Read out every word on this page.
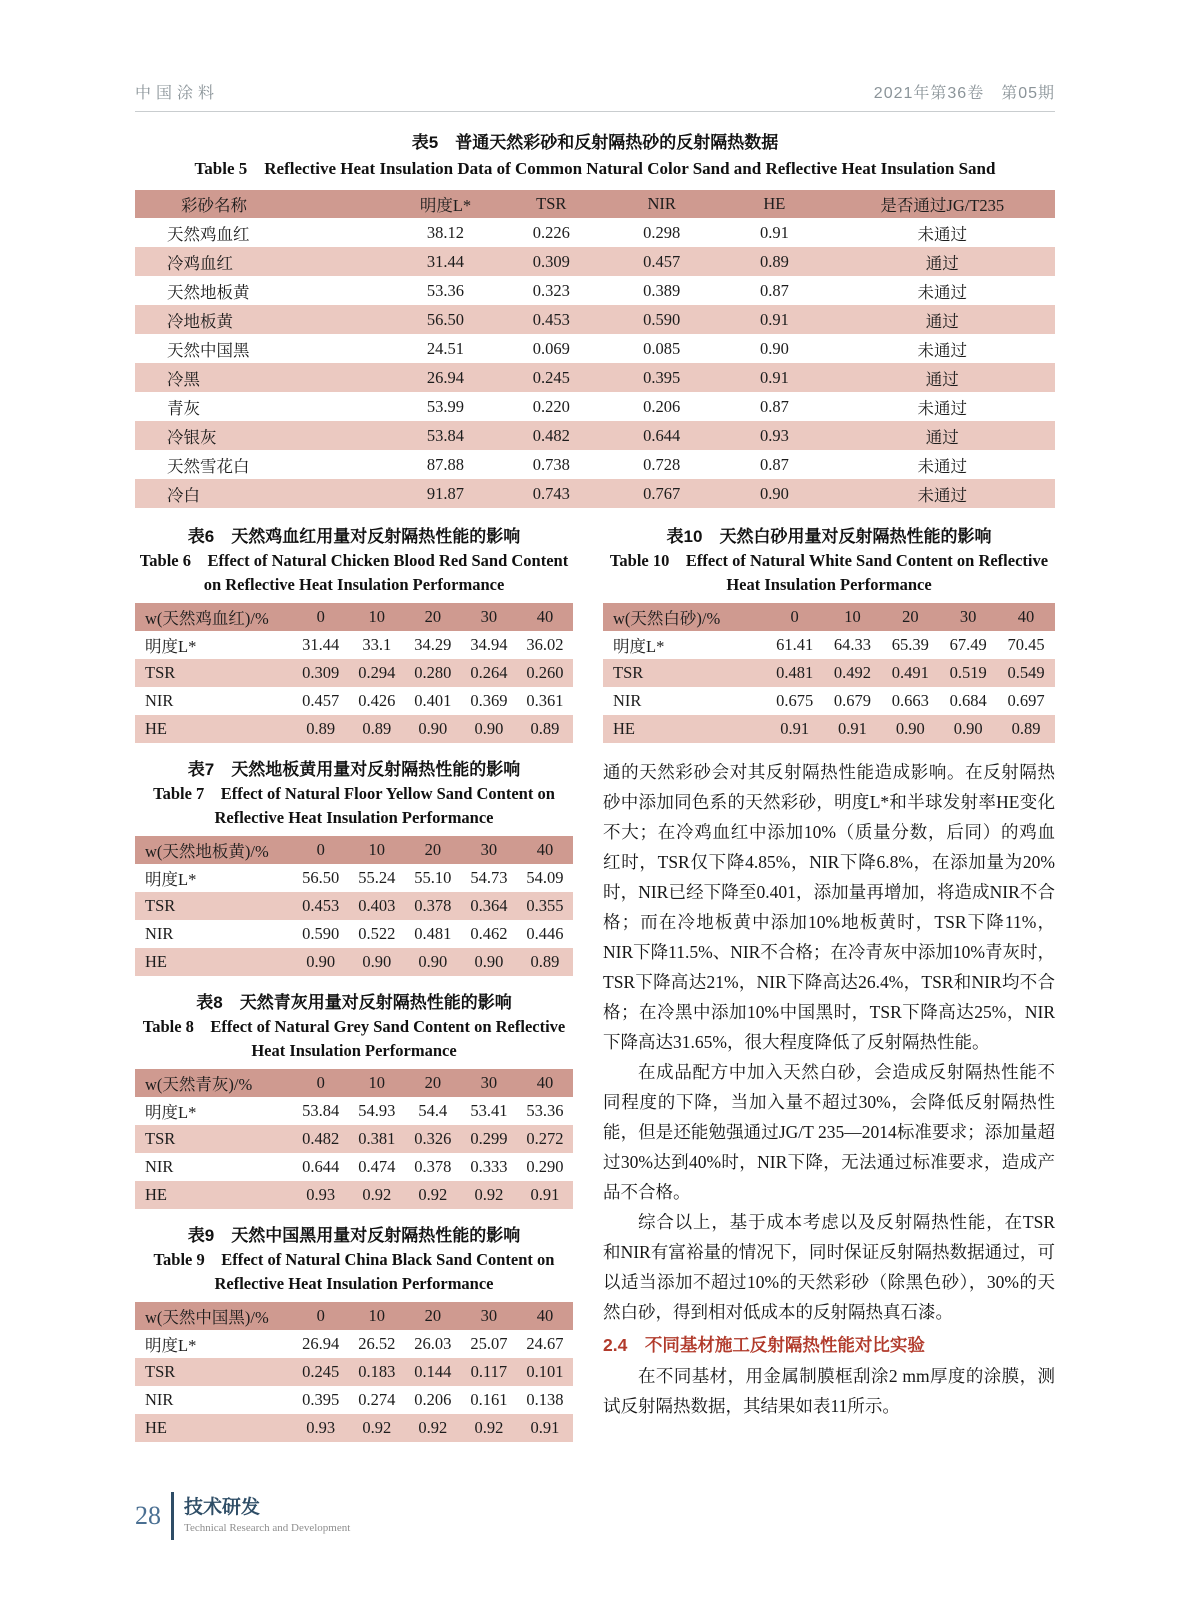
中国涂料	2021年第36卷　第05期
表5　普通天然彩砂和反射隔热砂的反射隔热数据
Table 5　Reflective Heat Insulation Data of Common Natural Color Sand and Reflective Heat Insulation Sand
彩砂名称	明度L*	TSR	NIR	HE	是否通过JG/T235
天然鸡血红	38.12	0.226	0.298	0.91	未通过
冷鸡血红	31.44	0.309	0.457	0.89	通过
天然地板黄	53.36	0.323	0.389	0.87	未通过
冷地板黄	56.50	0.453	0.590	0.91	通过
天然中国黑	24.51	0.069	0.085	0.90	未通过
冷黑	26.94	0.245	0.395	0.91	通过
青灰	53.99	0.220	0.206	0.87	未通过
冷银灰	53.84	0.482	0.644	0.93	通过
天然雪花白	87.88	0.738	0.728	0.87	未通过
冷白	91.87	0.743	0.767	0.90	未通过
表6　天然鸡血红用量对反射隔热性能的影响
Table 6　Effect of Natural Chicken Blood Red Sand Content on Reflective Heat Insulation Performance
w(天然鸡血红)/%	0	10	20	30	40
明度L*	31.44	33.1	34.29	34.94	36.02
TSR	0.309	0.294	0.280	0.264	0.260
NIR	0.457	0.426	0.401	0.369	0.361
HE	0.89	0.89	0.90	0.90	0.89
表7　天然地板黄用量对反射隔热性能的影响
Table 7　Effect of Natural Floor Yellow Sand Content on Reflective Heat Insulation Performance
w(天然地板黄)/%	0	10	20	30	40
明度L*	56.50	55.24	55.10	54.73	54.09
TSR	0.453	0.403	0.378	0.364	0.355
NIR	0.590	0.522	0.481	0.462	0.446
HE	0.90	0.90	0.90	0.90	0.89
表8　天然青灰用量对反射隔热性能的影响
Table 8　Effect of Natural Grey Sand Content on Reflective Heat Insulation Performance
w(天然青灰)/%	0	10	20	30	40
明度L*	53.84	54.93	54.4	53.41	53.36
TSR	0.482	0.381	0.326	0.299	0.272
NIR	0.644	0.474	0.378	0.333	0.290
HE	0.93	0.92	0.92	0.92	0.91
表9　天然中国黑用量对反射隔热性能的影响
Table 9　Effect of Natural China Black Sand Content on Reflective Heat Insulation Performance
w(天然中国黑)/%	0	10	20	30	40
明度L*	26.94	26.52	26.03	25.07	24.67
TSR	0.245	0.183	0.144	0.117	0.101
NIR	0.395	0.274	0.206	0.161	0.138
HE	0.93	0.92	0.92	0.92	0.91
表10　天然白砂用量对反射隔热性能的影响
Table 10　Effect of Natural White Sand Content on Reflective Heat Insulation Performance
w(天然白砂)/%	0	10	20	30	40
明度L*	61.41	64.33	65.39	67.49	70.45
TSR	0.481	0.492	0.491	0.519	0.549
NIR	0.675	0.679	0.663	0.684	0.697
HE	0.91	0.91	0.90	0.90	0.89

通的天然彩砂会对其反射隔热性能造成影响。在反射隔热砂中添加同色系的天然彩砂，明度L*和半球发射率HE变化不大；在冷鸡血红中添加10%（质量分数，后同）的鸡血红时，TSR仅下降4.85%，NIR下降6.8%，在添加量为20%时，NIR已经下降至0.401，添加量再增加，将造成NIR不合格；而在冷地板黄中添加10%地板黄时，TSR下降11%，NIR下降11.5%、NIR不合格；在冷青灰中添加10%青灰时，TSR下降高达21%，NIR下降高达26.4%，TSR和NIR均不合格；在冷黑中添加10%中国黑时，TSR下降高达25%，NIR下降高达31.65%，很大程度降低了反射隔热性能。

在成品配方中加入天然白砂，会造成反射隔热性能不同程度的下降，当加入量不超过30%，会降低反射隔热性能，但是还能勉强通过JG/T 235—2014标准要求；添加量超过30%达到40%时，NIR下降，无法通过标准要求，造成产品不合格。

综合以上，基于成本考虑以及反射隔热性能，在TSR和NIR有富裕量的情况下，同时保证反射隔热数据通过，可以适当添加不超过10%的天然彩砂（除黑色砂），30%的天然白砂，得到相对低成本的反射隔热真石漆。

2.4　不同基材施工反射隔热性能对比实验

在不同基材，用金属制膜框刮涂2 mm厚度的涂膜，测试反射隔热数据，其结果如表11所示。

28 技术研发
Technical Research and Development
